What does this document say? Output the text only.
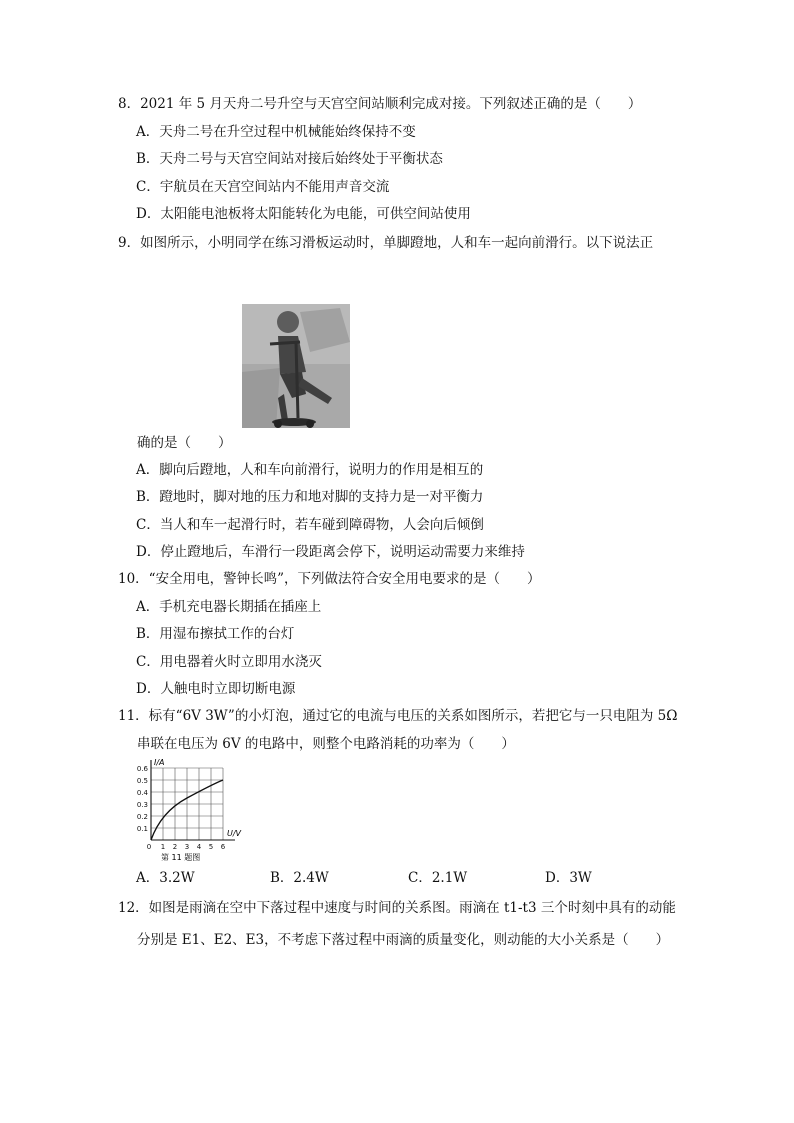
8．2021 年 5 月天舟二号升空与天宫空间站顺利完成对接。下列叙述正确的是（　　）
A．天舟二号在升空过程中机械能始终保持不变
B．天舟二号与天宫空间站对接后始终处于平衡状态
C．宇航员在天宫空间站内不能用声音交流
D．太阳能电池板将太阳能转化为电能，可供空间站使用
9．如图所示，小明同学在练习滑板运动时，单脚蹬地，人和车一起向前滑行。以下说法正
确的是（　　）
A．脚向后蹬地，人和车向前滑行，说明力的作用是相互的
B．蹬地时，脚对地的压力和地对脚的支持力是一对平衡力
C．当人和车一起滑行时，若车碰到障碍物，人会向后倾倒
D．停止蹬地后，车滑行一段距离会停下，说明运动需要力来维持
10．“安全用电，警钟长鸣”，下列做法符合安全用电要求的是（　　）
A．手机充电器长期插在插座上
B．用湿布擦拭工作的台灯
C．用电器着火时立即用水浇灭
D．人触电时立即切断电源
11．标有“6V 3W”的小灯泡，通过它的电流与电压的关系如图所示，若把它与一只电阻为 5Ω
串联在电压为 6V 的电路中，则整个电路消耗的功率为（　　）
I/A
U/V
0.6
0.5
0.4
0.3
0.2
0.1
0 1 2 3 4 5 6
第 11 题图
A．3.2W	B．2.4W	C．2.1W	D．3W
12．如图是雨滴在空中下落过程中速度与时间的关系图。雨滴在 t1-t3 三个时刻中具有的动能
分别是 E1、E2、E3，不考虑下落过程中雨滴的质量变化，则动能的大小关系是（　　）
